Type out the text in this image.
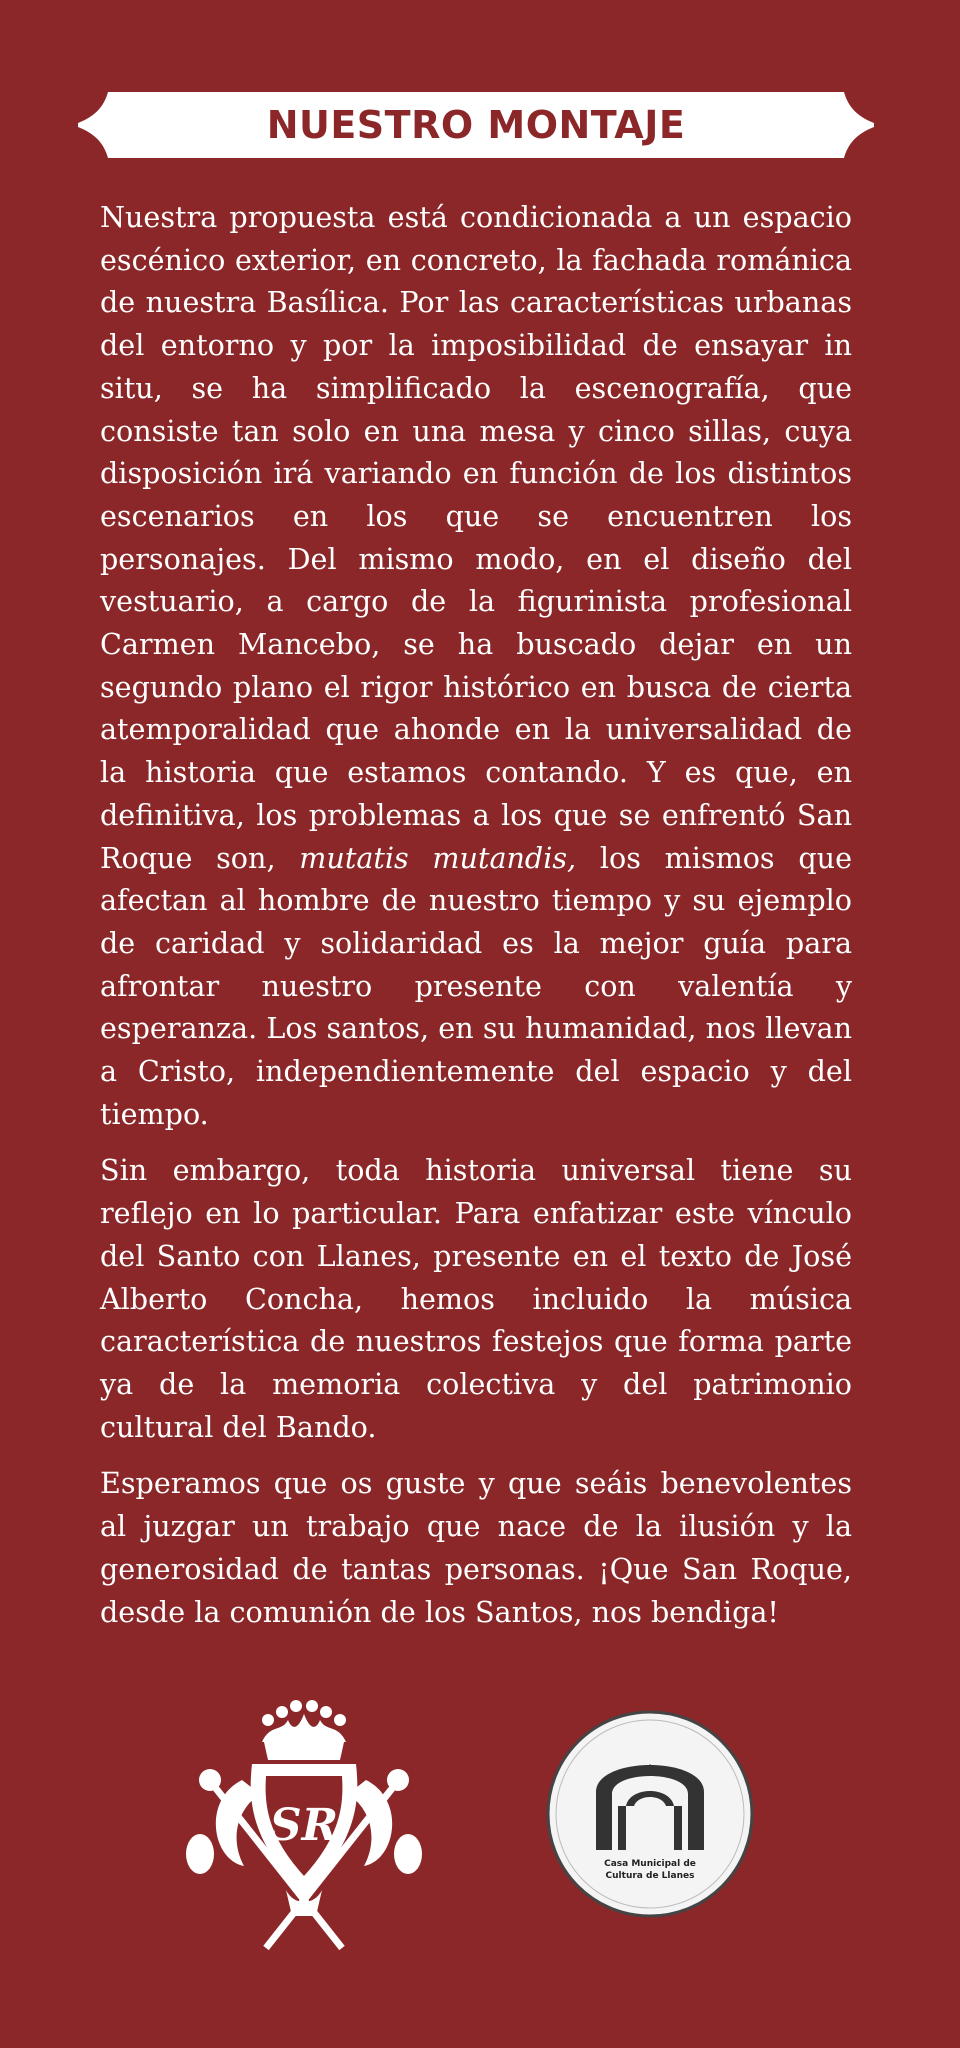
NUESTRO MONTAJE

Nuestra propuesta está condicionada a un espacio escénico exterior, en concreto, la fachada románica de nuestra Basílica. Por las características urbanas del entorno y por la imposibilidad de ensayar in situ, se ha simplificado la escenografía, que consiste tan solo en una mesa y cinco sillas, cuya disposición irá variando en función de los distintos escenarios en los que se encuentren los personajes. Del mismo modo, en el diseño del vestuario, a cargo de la figurinista profesional Carmen Mancebo, se ha buscado dejar en un segundo plano el rigor histórico en busca de cierta atemporalidad que ahonde en la universalidad de la historia que estamos contando. Y es que, en definitiva, los problemas a los que se enfrentó San Roque son, mutatis mutandis, los mismos que afectan al hombre de nuestro tiempo y su ejemplo de caridad y solidaridad es la mejor guía para afrontar nuestro presente con valentía y esperanza. Los santos, en su humanidad, nos llevan a Cristo, independientemente del espacio y del tiempo.

Sin embargo, toda historia universal tiene su reflejo en lo particular. Para enfatizar este vínculo del Santo con Llanes, presente en el texto de José Alberto Concha, hemos incluido la música característica de nuestros festejos que forma parte ya de la memoria colectiva y del patrimonio cultural del Bando.

Esperamos que os guste y que seáis benevolentes al juzgar un trabajo que nace de la ilusión y la generosidad de tantas personas. ¡Que San Roque, desde la comunión de los Santos, nos bendiga!

SR
Casa Municipal de
Cultura de Llanes
